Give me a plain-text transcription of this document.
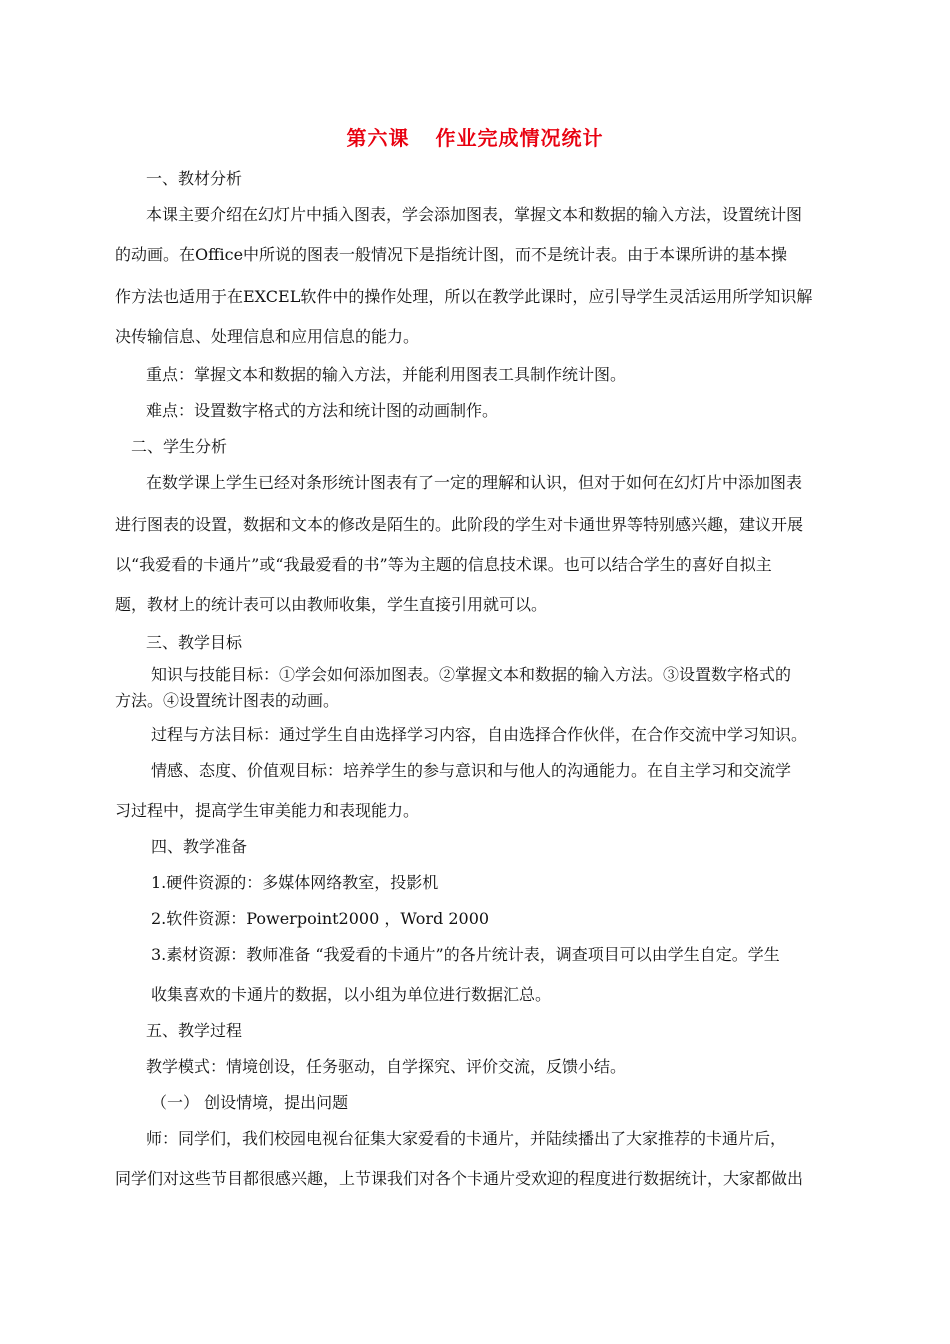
第六课 作业完成情况统计
一、教材分析
本课主要介绍在幻灯片中插入图表，学会添加图表，掌握文本和数据的输入方法，设置统计图
的动画。在Office中所说的图表一般情况下是指统计图，而不是统计表。由于本课所讲的基本操
作方法也适用于在EXCEL软件中的操作处理，所以在教学此课时，应引导学生灵活运用所学知识解
决传输信息、处理信息和应用信息的能力。
重点：掌握文本和数据的输入方法，并能利用图表工具制作统计图。
难点：设置数字格式的方法和统计图的动画制作。
二、学生分析
在数学课上学生已经对条形统计图表有了一定的理解和认识，但对于如何在幻灯片中添加图表
进行图表的设置，数据和文本的修改是陌生的。此阶段的学生对卡通世界等特别感兴趣，建议开展
以“我爱看的卡通片”或“我最爱看的书”等为主题的信息技术课。也可以结合学生的喜好自拟主
题，教材上的统计表可以由教师收集，学生直接引用就可以。
三、教学目标
知识与技能目标：①学会如何添加图表。②掌握文本和数据的输入方法。③设置数字格式的
方法。④设置统计图表的动画。
过程与方法目标：通过学生自由选择学习内容，自由选择合作伙伴，在合作交流中学习知识。
情感、态度、价值观目标：培养学生的参与意识和与他人的沟通能力。在自主学习和交流学
习过程中，提高学生审美能力和表现能力。
四、教学准备
1.硬件资源的：多媒体网络教室，投影机
2.软件资源：Powerpoint2000 ，Word 2000
3.素材资源：教师准备 “我爱看的卡通片”的各片统计表，调查项目可以由学生自定。学生
收集喜欢的卡通片的数据，以小组为单位进行数据汇总。
五、教学过程
教学模式：情境创设，任务驱动，自学探究、评价交流，反馈小结。
（一） 创设情境，提出问题
师：同学们，我们校园电视台征集大家爱看的卡通片，并陆续播出了大家推荐的卡通片后，
同学们对这些节目都很感兴趣，上节课我们对各个卡通片受欢迎的程度进行数据统计，大家都做出
